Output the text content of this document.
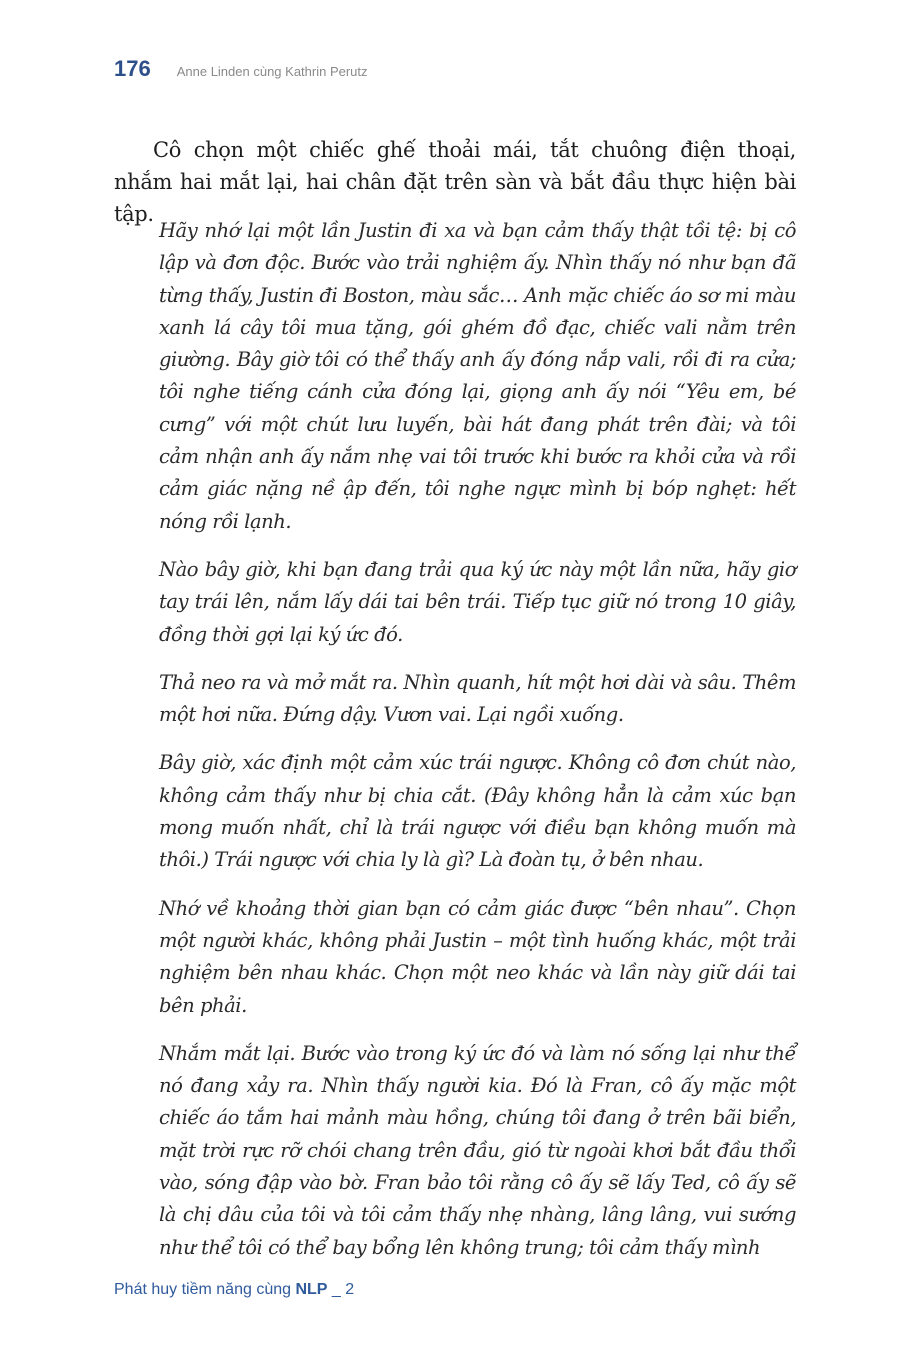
176 Anne Linden cùng Kathrin Perutz

Cô chọn một chiếc ghế thoải mái, tắt chuông điện thoại, nhắm hai mắt lại, hai chân đặt trên sàn và bắt đầu thực hiện bài tập.

Hãy nhớ lại một lần Justin đi xa và bạn cảm thấy thật tồi tệ: bị cô lập và đơn độc. Bước vào trải nghiệm ấy. Nhìn thấy nó như bạn đã từng thấy, Justin đi Boston, màu sắc… Anh mặc chiếc áo sơ mi màu xanh lá cây tôi mua tặng, gói ghém đồ đạc, chiếc vali nằm trên giường. Bây giờ tôi có thể thấy anh ấy đóng nắp vali, rồi đi ra cửa; tôi nghe tiếng cánh cửa đóng lại, giọng anh ấy nói “Yêu em, bé cưng” với một chút lưu luyến, bài hát đang phát trên đài; và tôi cảm nhận anh ấy nắm nhẹ vai tôi trước khi bước ra khỏi cửa và rồi cảm giác nặng nề ập đến, tôi nghe ngực mình bị bóp nghẹt: hết nóng rồi lạnh.

Nào bây giờ, khi bạn đang trải qua ký ức này một lần nữa, hãy giơ tay trái lên, nắm lấy dái tai bên trái. Tiếp tục giữ nó trong 10 giây, đồng thời gợi lại ký ức đó.

Thả neo ra và mở mắt ra. Nhìn quanh, hít một hơi dài và sâu. Thêm một hơi nữa. Đứng dậy. Vươn vai. Lại ngồi xuống.

Bây giờ, xác định một cảm xúc trái ngược. Không cô đơn chút nào, không cảm thấy như bị chia cắt. (Đây không hẳn là cảm xúc bạn mong muốn nhất, chỉ là trái ngược với điều bạn không muốn mà thôi.) Trái ngược với chia ly là gì? Là đoàn tụ, ở bên nhau.

Nhớ về khoảng thời gian bạn có cảm giác được “bên nhau”. Chọn một người khác, không phải Justin – một tình huống khác, một trải nghiệm bên nhau khác. Chọn một neo khác và lần này giữ dái tai bên phải.

Nhắm mắt lại. Bước vào trong ký ức đó và làm nó sống lại như thể nó đang xảy ra. Nhìn thấy người kia. Đó là Fran, cô ấy mặc một chiếc áo tắm hai mảnh màu hồng, chúng tôi đang ở trên bãi biển, mặt trời rực rỡ chói chang trên đầu, gió từ ngoài khơi bắt đầu thổi vào, sóng đập vào bờ. Fran bảo tôi rằng cô ấy sẽ lấy Ted, cô ấy sẽ là chị dâu của tôi và tôi cảm thấy nhẹ nhàng, lâng lâng, vui sướng như thể tôi có thể bay bổng lên không trung; tôi cảm thấy mình

Phát huy tiềm năng cùng NLP _ 2
